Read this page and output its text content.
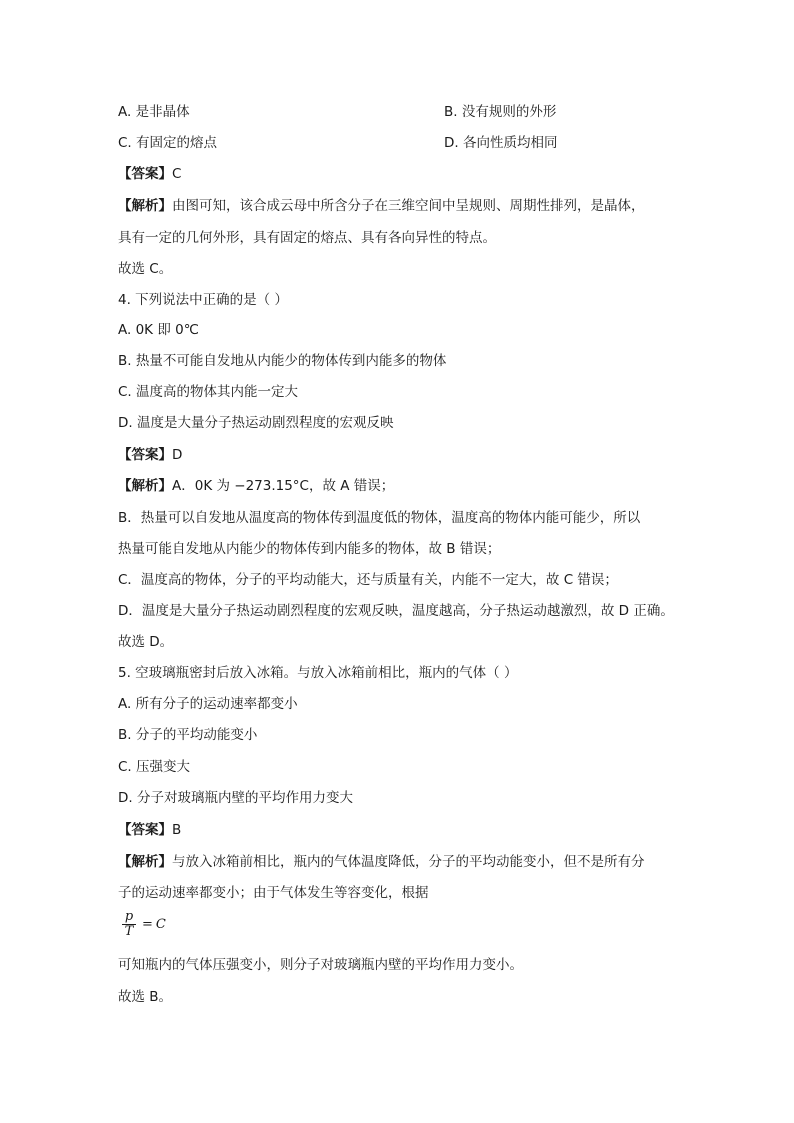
A. 是非晶体	B. 没有规则的外形
C. 有固定的熔点	D. 各向性质均相同
【答案】C
【解析】由图可知，该合成云母中所含分子在三维空间中呈规则、周期性排列，是晶体，
具有一定的几何外形，具有固定的熔点、具有各向异性的特点。
故选 C。
4. 下列说法中正确的是（ ）
A. 0K 即 0℃
B. 热量不可能自发地从内能少的物体传到内能多的物体
C. 温度高的物体其内能一定大
D. 温度是大量分子热运动剧烈程度的宏观反映
【答案】D
【解析】A．0K 为 −273.15°C，故 A 错误；
B．热量可以自发地从温度高的物体传到温度低的物体，温度高的物体内能可能少，所以
热量可能自发地从内能少的物体传到内能多的物体，故 B 错误；
C．温度高的物体，分子的平均动能大，还与质量有关，内能不一定大，故 C 错误；
D．温度是大量分子热运动剧烈程度的宏观反映，温度越高，分子热运动越激烈，故 D 正确。
故选 D。
5. 空玻璃瓶密封后放入冰箱。与放入冰箱前相比，瓶内的气体（ ）
A. 所有分子的运动速率都变小
B. 分子的平均动能变小
C. 压强变大
D. 分子对玻璃瓶内壁的平均作用力变大
【答案】B
【解析】与放入冰箱前相比，瓶内的气体温度降低，分子的平均动能变小，但不是所有分
子的运动速率都变小；由于气体发生等容变化，根据
$\frac{p}{T} = C$
可知瓶内的气体压强变小，则分子对玻璃瓶内壁的平均作用力变小。
故选 B。
